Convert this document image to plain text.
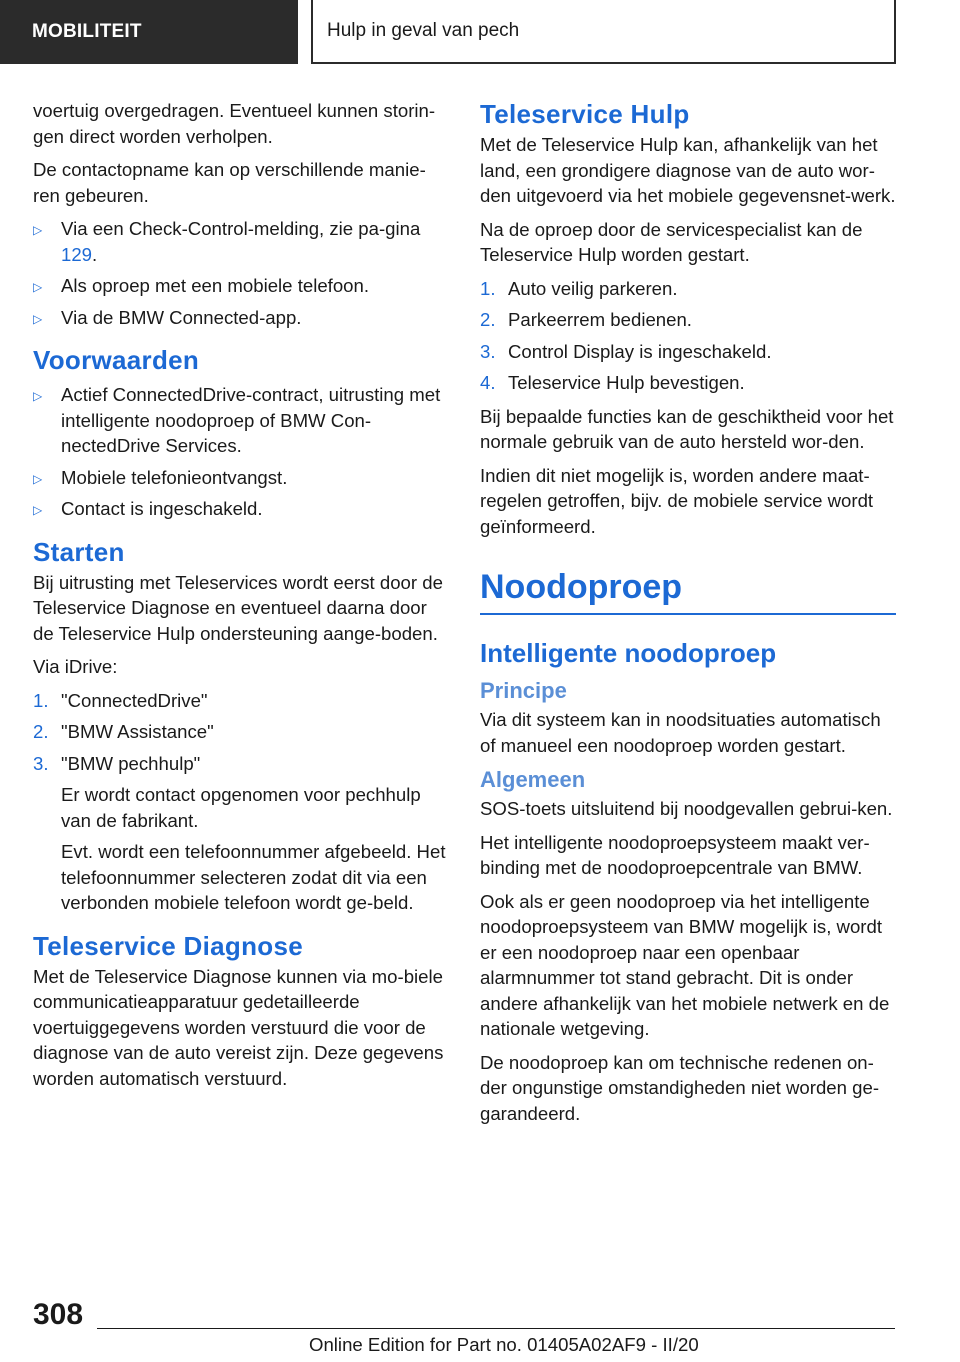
MOBILITEIT	Hulp in geval van pech

voertuig overgedragen. Eventueel kunnen storin-gen direct worden verholpen.

De contactopname kan op verschillende manie-ren gebeuren.

▷ Via een Check-Control-melding, zie pa-gina 129.
▷ Als oproep met een mobiele telefoon.
▷ Via de BMW Connected-app.
Voorwaarden
▷ Actief ConnectedDrive-contract, uitrusting met intelligente noodoproep of BMW Con-nectedDrive Services.
▷ Mobiele telefonieontvangst.
▷ Contact is ingeschakeld.
Starten

Bij uitrusting met Teleservices wordt eerst door de Teleservice Diagnose en eventueel daarna door de Teleservice Hulp ondersteuning aange-boden.

Via iDrive:

1. "ConnectedDrive"
2. "BMW Assistance"
3. "BMW pechhulp"

Er wordt contact opgenomen voor pechhulp van de fabrikant.

Evt. wordt een telefoonnummer afgebeeld. Het telefoonnummer selecteren zodat dit via een verbonden mobiele telefoon wordt ge-beld.

Teleservice Diagnose

Met de Teleservice Diagnose kunnen via mo-biele communicatieapparatuur gedetailleerde voertuiggegevens worden verstuurd die voor de diagnose van de auto vereist zijn. Deze gegevens worden automatisch verstuurd.

Teleservice Hulp

Met de Teleservice Hulp kan, afhankelijk van het land, een grondigere diagnose van de auto wor-den uitgevoerd via het mobiele gegevensnet-werk.

Na de oproep door de servicespecialist kan de Teleservice Hulp worden gestart.

1. Auto veilig parkeren.
2. Parkeerrem bedienen.
3. Control Display is ingeschakeld.
4. Teleservice Hulp bevestigen.

Bij bepaalde functies kan de geschiktheid voor het normale gebruik van de auto hersteld wor-den.

Indien dit niet mogelijk is, worden andere maat-regelen getroffen, bijv. de mobiele service wordt geïnformeerd.

Noodoproep
Intelligente noodoproep
Principe

Via dit systeem kan in noodsituaties automatisch of manueel een noodoproep worden gestart.

Algemeen

SOS-toets uitsluitend bij noodgevallen gebrui-ken.

Het intelligente noodoproepsysteem maakt ver-binding met de noodoproepcentrale van BMW.

Ook als er geen noodoproep via het intelligente noodoproepsysteem van BMW mogelijk is, wordt er een noodoproep naar een openbaar alarmnummer tot stand gebracht. Dit is onder andere afhankelijk van het mobiele netwerk en de nationale wetgeving.

De noodoproep kan om technische redenen on-der ongunstige omstandigheden niet worden ge-garandeerd.

308
Online Edition for Part no. 01405A02AF9 - II/20
